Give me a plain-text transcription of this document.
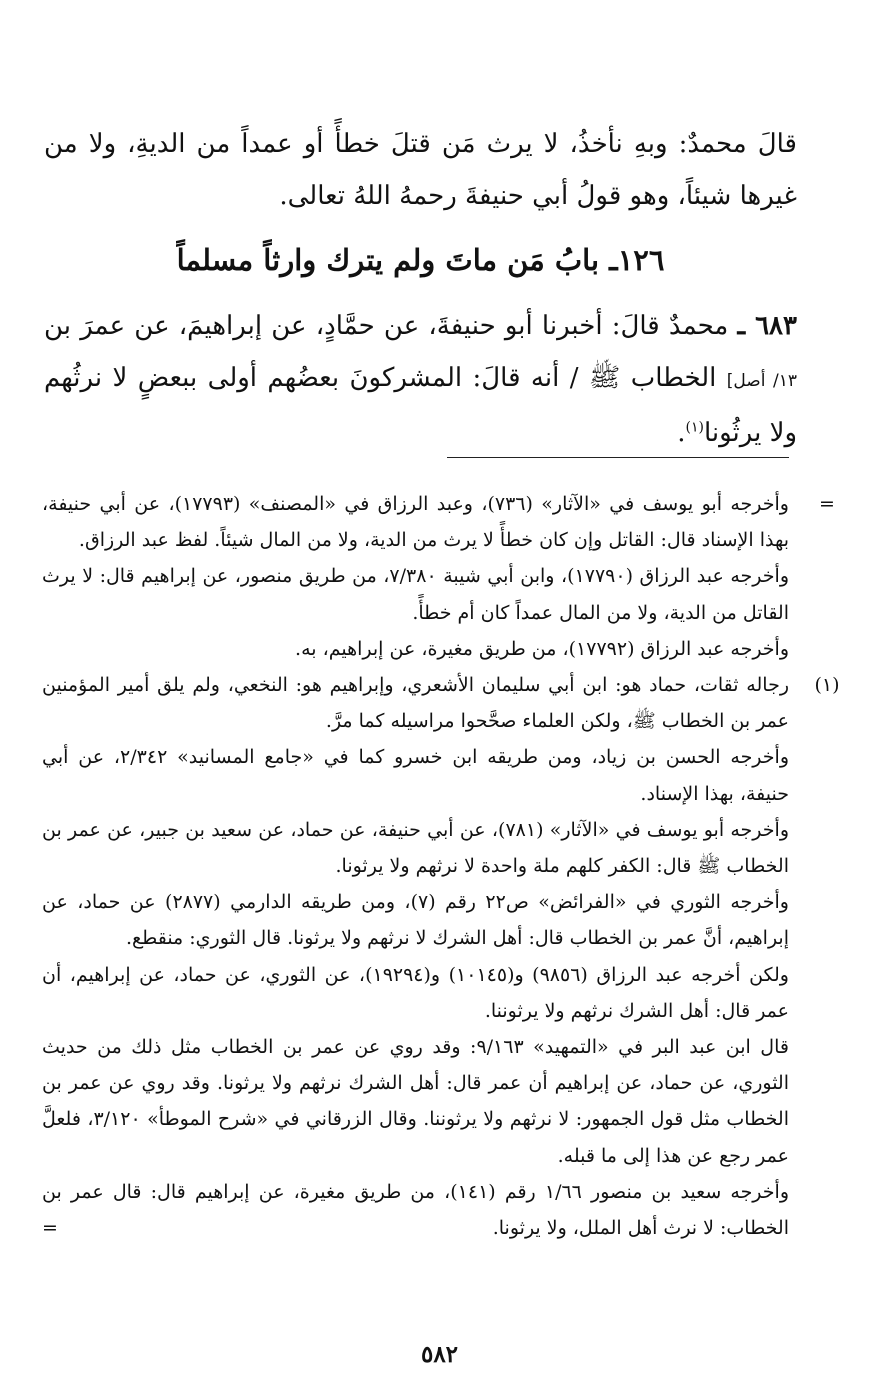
قالَ محمدٌ: وبهِ نأخذُ، لا يرث مَن قتلَ خطأً أو عمداً من الديةِ، ولا من غيرها شيئاً، وهو قولُ أبي حنيفةَ رحمهُ اللهُ تعالى.

١٢٦ـ بابُ مَن ماتَ ولم يترك وارثاً مسلماً

٦٨٣ ـ محمدٌ قالَ: أخبرنا أبو حنيفةَ، عن حمَّادٍ، عن إبراهيمَ، عن عمرَ بن ١٣/ أصل] الخطاب ﷺ / أنه قالَ: المشركونَ بعضُهم أولى ببعضٍ لا نرثُهم ولا يرثُونا$^{(١)}$.

=

وأخرجه أبو يوسف في «الآثار» (٧٣٦)، وعبد الرزاق في «المصنف» (١٧٧٩٣)، عن أبي حنيفة، بهذا الإسناد قال: القاتل وإن كان خطأً لا يرث من الدية، ولا من المال شيئاً. لفظ عبد الرزاق.

وأخرجه عبد الرزاق (١٧٧٩٠)، وابن أبي شيبة ٧/٣٨٠، من طريق منصور، عن إبراهيم قال: لا يرث القاتل من الدية، ولا من المال عمداً كان أم خطأً.

وأخرجه عبد الرزاق (١٧٧٩٢)، من طريق مغيرة، عن إبراهيم، به.

(١)

رجاله ثقات، حماد هو: ابن أبي سليمان الأشعري، وإبراهيم هو: النخعي، ولم يلق أمير المؤمنين عمر بن الخطاب ﷺ، ولكن العلماء صحَّحوا مراسيله كما مرَّ.

وأخرجه الحسن بن زياد، ومن طريقه ابن خسرو كما في «جامع المسانيد» ٢/٣٤٢، عن أبي حنيفة، بهذا الإسناد.

وأخرجه أبو يوسف في «الآثار» (٧٨١)، عن أبي حنيفة، عن حماد، عن سعيد بن جبير، عن عمر بن الخطاب ﷺ قال: الكفر كلهم ملة واحدة لا نرثهم ولا يرثونا.

وأخرجه الثوري في «الفرائض» ص٢٢ رقم (٧)، ومن طريقه الدارمي (٢٨٧٧) عن حماد، عن إبراهيم، أنَّ عمر بن الخطاب قال: أهل الشرك لا نرثهم ولا يرثونا. قال الثوري: منقطع.

ولكن أخرجه عبد الرزاق (٩٨٥٦) و(١٠١٤٥) و(١٩٢٩٤)، عن الثوري، عن حماد، عن إبراهيم، أن عمر قال: أهل الشرك نرثهم ولا يرثوننا.

قال ابن عبد البر في «التمهيد» ٩/١٦٣: وقد روي عن عمر بن الخطاب مثل ذلك من حديث الثوري، عن حماد، عن إبراهيم أن عمر قال: أهل الشرك نرثهم ولا يرثونا. وقد روي عن عمر بن الخطاب مثل قول الجمهور: لا نرثهم ولا يرثوننا. وقال الزرقاني في «شرح الموطأ» ٣/١٢٠، فلعلَّ عمر رجع عن هذا إلى ما قبله.

وأخرجه سعيد بن منصور ١/٦٦ رقم (١٤١)، من طريق مغيرة، عن إبراهيم قال: قال عمر بن الخطاب: لا نرث أهل الملل، ولا يرثونا.

=
٥٨٢
